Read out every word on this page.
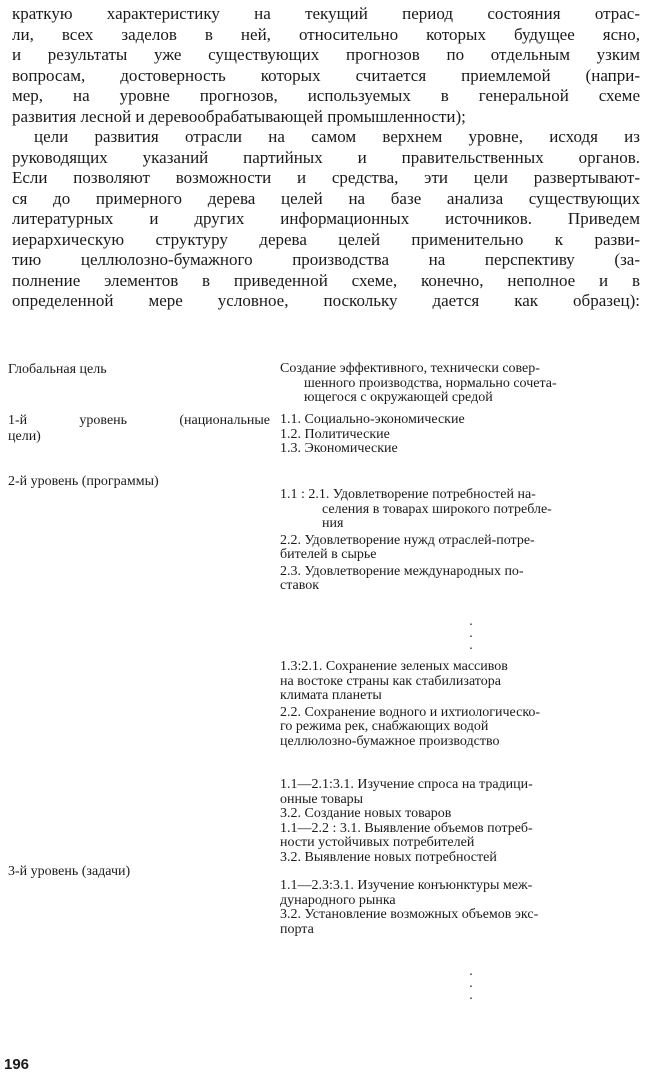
краткую характеристику на текущий период состояния отрас-
ли, всех заделов в ней, относительно которых будущее ясно,
и результаты уже существующих прогнозов по отдельным узким
вопросам, достоверность которых считается приемлемой (напри-
мер, на уровне прогнозов, используемых в генеральной схеме
развития лесной и деревообрабатывающей промышленности);
цели развития отрасли на самом верхнем уровне, исходя из
руководящих указаний партийных и правительственных органов.
Если позволяют возможности и средства, эти цели развертывают-
ся до примерного дерева целей на базе анализа существующих
литературных и других информационных источников. Приведем
иерархическую структуру дерева целей применительно к разви-
тию целлюлозно-бумажного производства на перспективу (за-
полнение элементов в приведенной схеме, конечно, неполное и в
определенной мере условное, поскольку дается как образец):
Глобальная цель
1-й уровень (национальные
цели)
2-й уровень (программы)
3-й уровень (задачи)
Создание эффективного, технически совер-
шенного производства, нормально сочета-
ющегося с окружающей средой
1.1. Социально-экономические
1.2. Политические
1.3. Экономические
1.1 : 2.1. Удовлетворение потребностей на-
селения в товарах широкого потребле-
ния
2.2. Удовлетворение нужд отраслей-потре-
бителей в сырье
2.3. Удовлетворение международных по-
ставок
·
·
·
1.3:2.1. Сохранение зеленых массивов
на востоке страны как стабилизатора
климата планеты
2.2. Сохранение водного и ихтиологическо-
го режима рек, снабжающих водой
целлюлозно-бумажное производство
1.1—2.1:3.1. Изучение спроса на традици-
онные товары
3.2. Создание новых товаров
1.1—2.2 : 3.1. Выявление объемов потреб-
ности устойчивых потребителей
3.2. Выявление новых потребностей
1.1—2.3:3.1. Изучение конъюнктуры меж-
дународного рынка
3.2. Установление возможных объемов экс-
порта
·
·
·
196
